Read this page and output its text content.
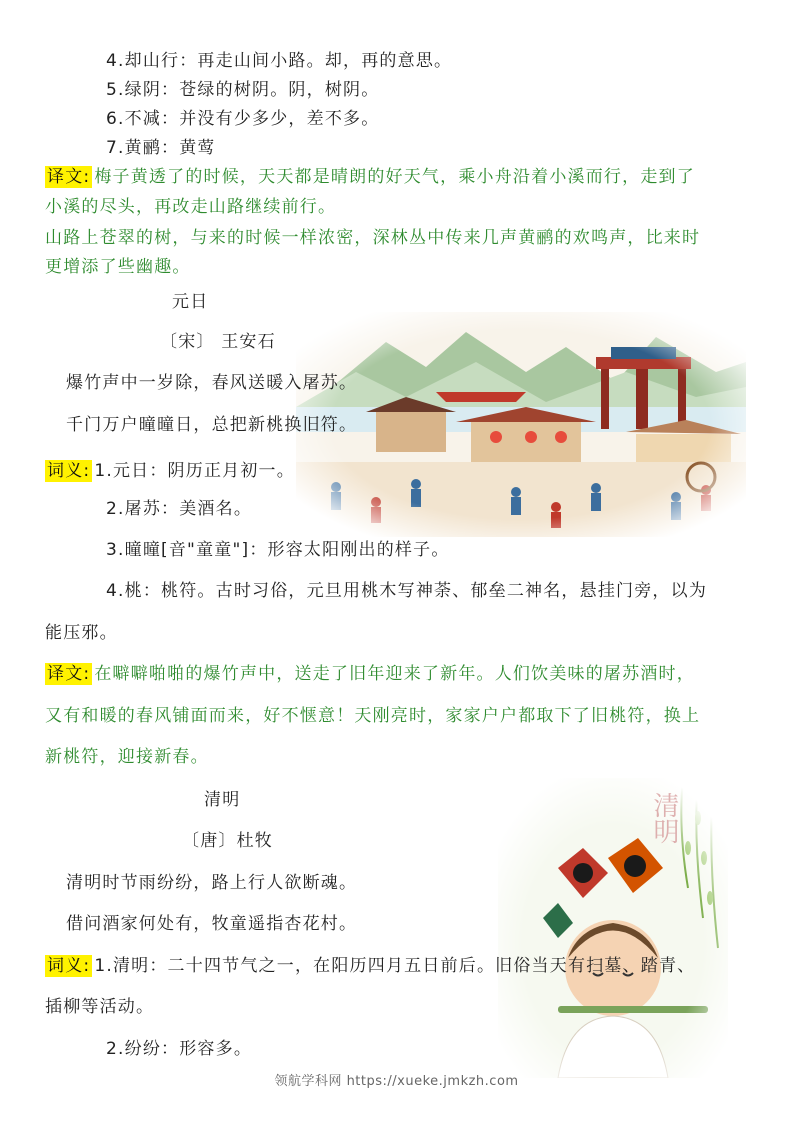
清明
4.却山行：再走山间小路。却，再的意思。
5.绿阴：苍绿的树阴。阴，树阴。
6.不减：并没有少多少，差不多。
7.黄鹂：黄莺
译文: 梅子黄透了的时候，天天都是晴朗的好天气，乘小舟沿着小溪而行，走到了
小溪的尽头，再改走山路继续前行。
山路上苍翠的树，与来的时候一样浓密，深林丛中传来几声黄鹂的欢鸣声，比来时
更增添了些幽趣。
元日
〔宋〕 王安石
爆竹声中一岁除，春风送暖入屠苏。
千门万户曈曈日，总把新桃换旧符。
词义: 1.元日：阴历正月初一。
2.屠苏：美酒名。
3.曈曈[音"童童"]：形容太阳刚出的样子。
4.桃：桃符。古时习俗，元旦用桃木写神荼、郁垒二神名，悬挂门旁，以为
能压邪。
译文: 在噼噼啪啪的爆竹声中，送走了旧年迎来了新年。人们饮美味的屠苏酒时，
又有和暖的春风铺面而来，好不惬意！天刚亮时，家家户户都取下了旧桃符，换上
新桃符，迎接新春。
清明
〔唐〕杜牧
清明时节雨纷纷，路上行人欲断魂。
借问酒家何处有，牧童遥指杏花村。
词义: 1.清明：二十四节气之一，在阳历四月五日前后。旧俗当天有扫墓、踏青、
插柳等活动。
2.纷纷：形容多。
领航学科网 https://xueke.jmkzh.com
